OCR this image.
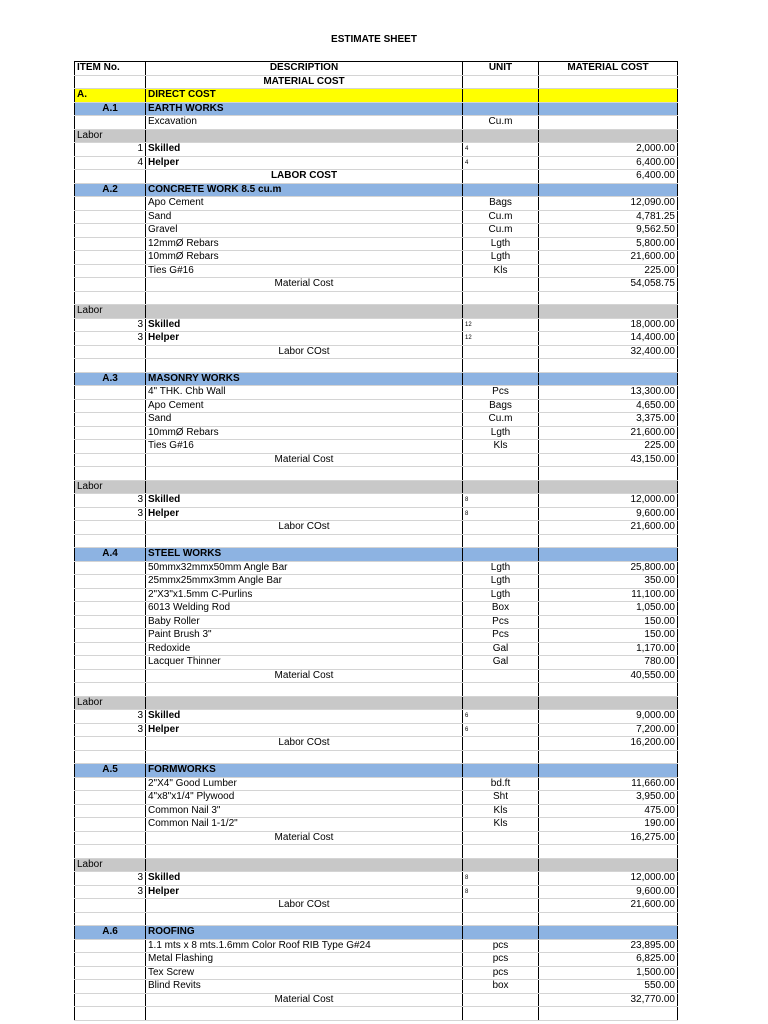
ESTIMATE SHEET
ITEM No.	DESCRIPTION	UNIT	MATERIAL COST
	MATERIAL COST		
A.	DIRECT COST		
A.1	EARTH WORKS		
	Excavation	Cu.m	
Labor			
1	Skilled	4	2,000.00
4	Helper	4	6,400.00
	LABOR COST		6,400.00
A.2	CONCRETE WORK 8.5 cu.m		
	Apo Cement	Bags	12,090.00
	Sand	Cu.m	4,781.25
	Gravel	Cu.m	9,562.50
	12mmØ Rebars	Lgth	5,800.00
	10mmØ Rebars	Lgth	21,600.00
	Ties G#16	Kls	225.00
	Material Cost		54,058.75

Labor			
3	Skilled	12	18,000.00
3	Helper	12	14,400.00
	Labor COst		32,400.00

A.3	MASONRY WORKS		
	4" THK. Chb Wall	Pcs	13,300.00
	Apo Cement	Bags	4,650.00
	Sand	Cu.m	3,375.00
	10mmØ Rebars	Lgth	21,600.00
	Ties G#16	Kls	225.00
	Material Cost		43,150.00

Labor			
3	Skilled	8	12,000.00
3	Helper	8	9,600.00
	Labor COst		21,600.00

A.4	STEEL WORKS		
	50mmx32mmx50mm Angle Bar	Lgth	25,800.00
	25mmx25mmx3mm Angle Bar	Lgth	350.00
	2"X3"x1.5mm C-Purlins	Lgth	11,100.00
	6013 Welding Rod	Box	1,050.00
	Baby Roller	Pcs	150.00
	Paint Brush 3"	Pcs	150.00
	Redoxide	Gal	1,170.00
	Lacquer Thinner	Gal	780.00
	Material Cost		40,550.00

Labor			
3	Skilled	6	9,000.00
3	Helper	6	7,200.00
	Labor COst		16,200.00

A.5	FORMWORKS		
	2"X4" Good Lumber	bd.ft	11,660.00
	4"x8"x1/4" Plywood	Sht	3,950.00
	Common Nail 3"	Kls	475.00
	Common Nail 1-1/2"	Kls	190.00
	Material Cost		16,275.00

Labor			
3	Skilled	8	12,000.00
3	Helper	8	9,600.00
	Labor COst		21,600.00

A.6	ROOFING		
	1.1 mts x 8 mts.1.6mm Color Roof RIB Type G#24	pcs	23,895.00
	Metal Flashing	pcs	6,825.00
	Tex Screw	pcs	1,500.00
	Blind Revits	box	550.00
	Material Cost		32,770.00
